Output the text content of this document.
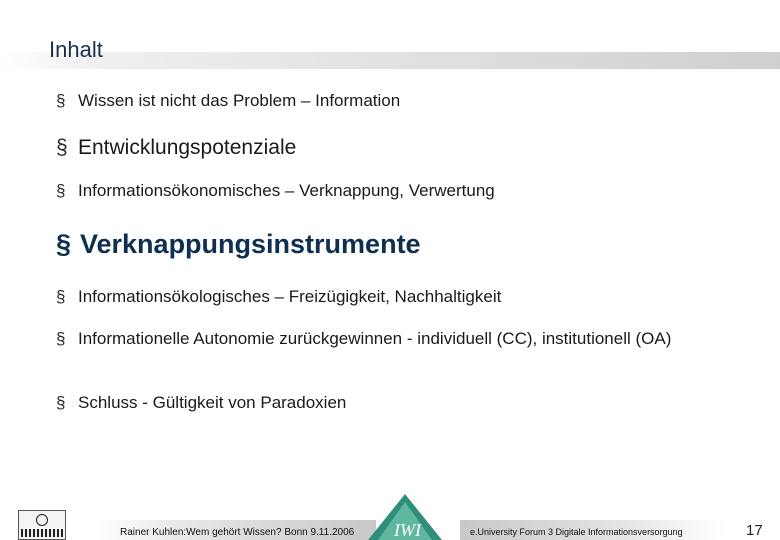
Inhalt
§ Wissen ist nicht das Problem – Information
§ Entwicklungspotenziale
§ Informationsökonomisches – Verknappung, Verwertung
§ Verknappungsinstrumente
§ Informationsökologisches – Freizügigkeit, Nachhaltigkeit
§ Informationelle Autonomie zurückgewinnen - individuell (CC), institutionell (OA)
§ Schluss - Gültigkeit von Paradoxien
Rainer Kuhlen:Wem gehört Wissen? Bonn 9.11.2006 IWI	e.University Forum 3 Digitale Informationsversorgung	17
